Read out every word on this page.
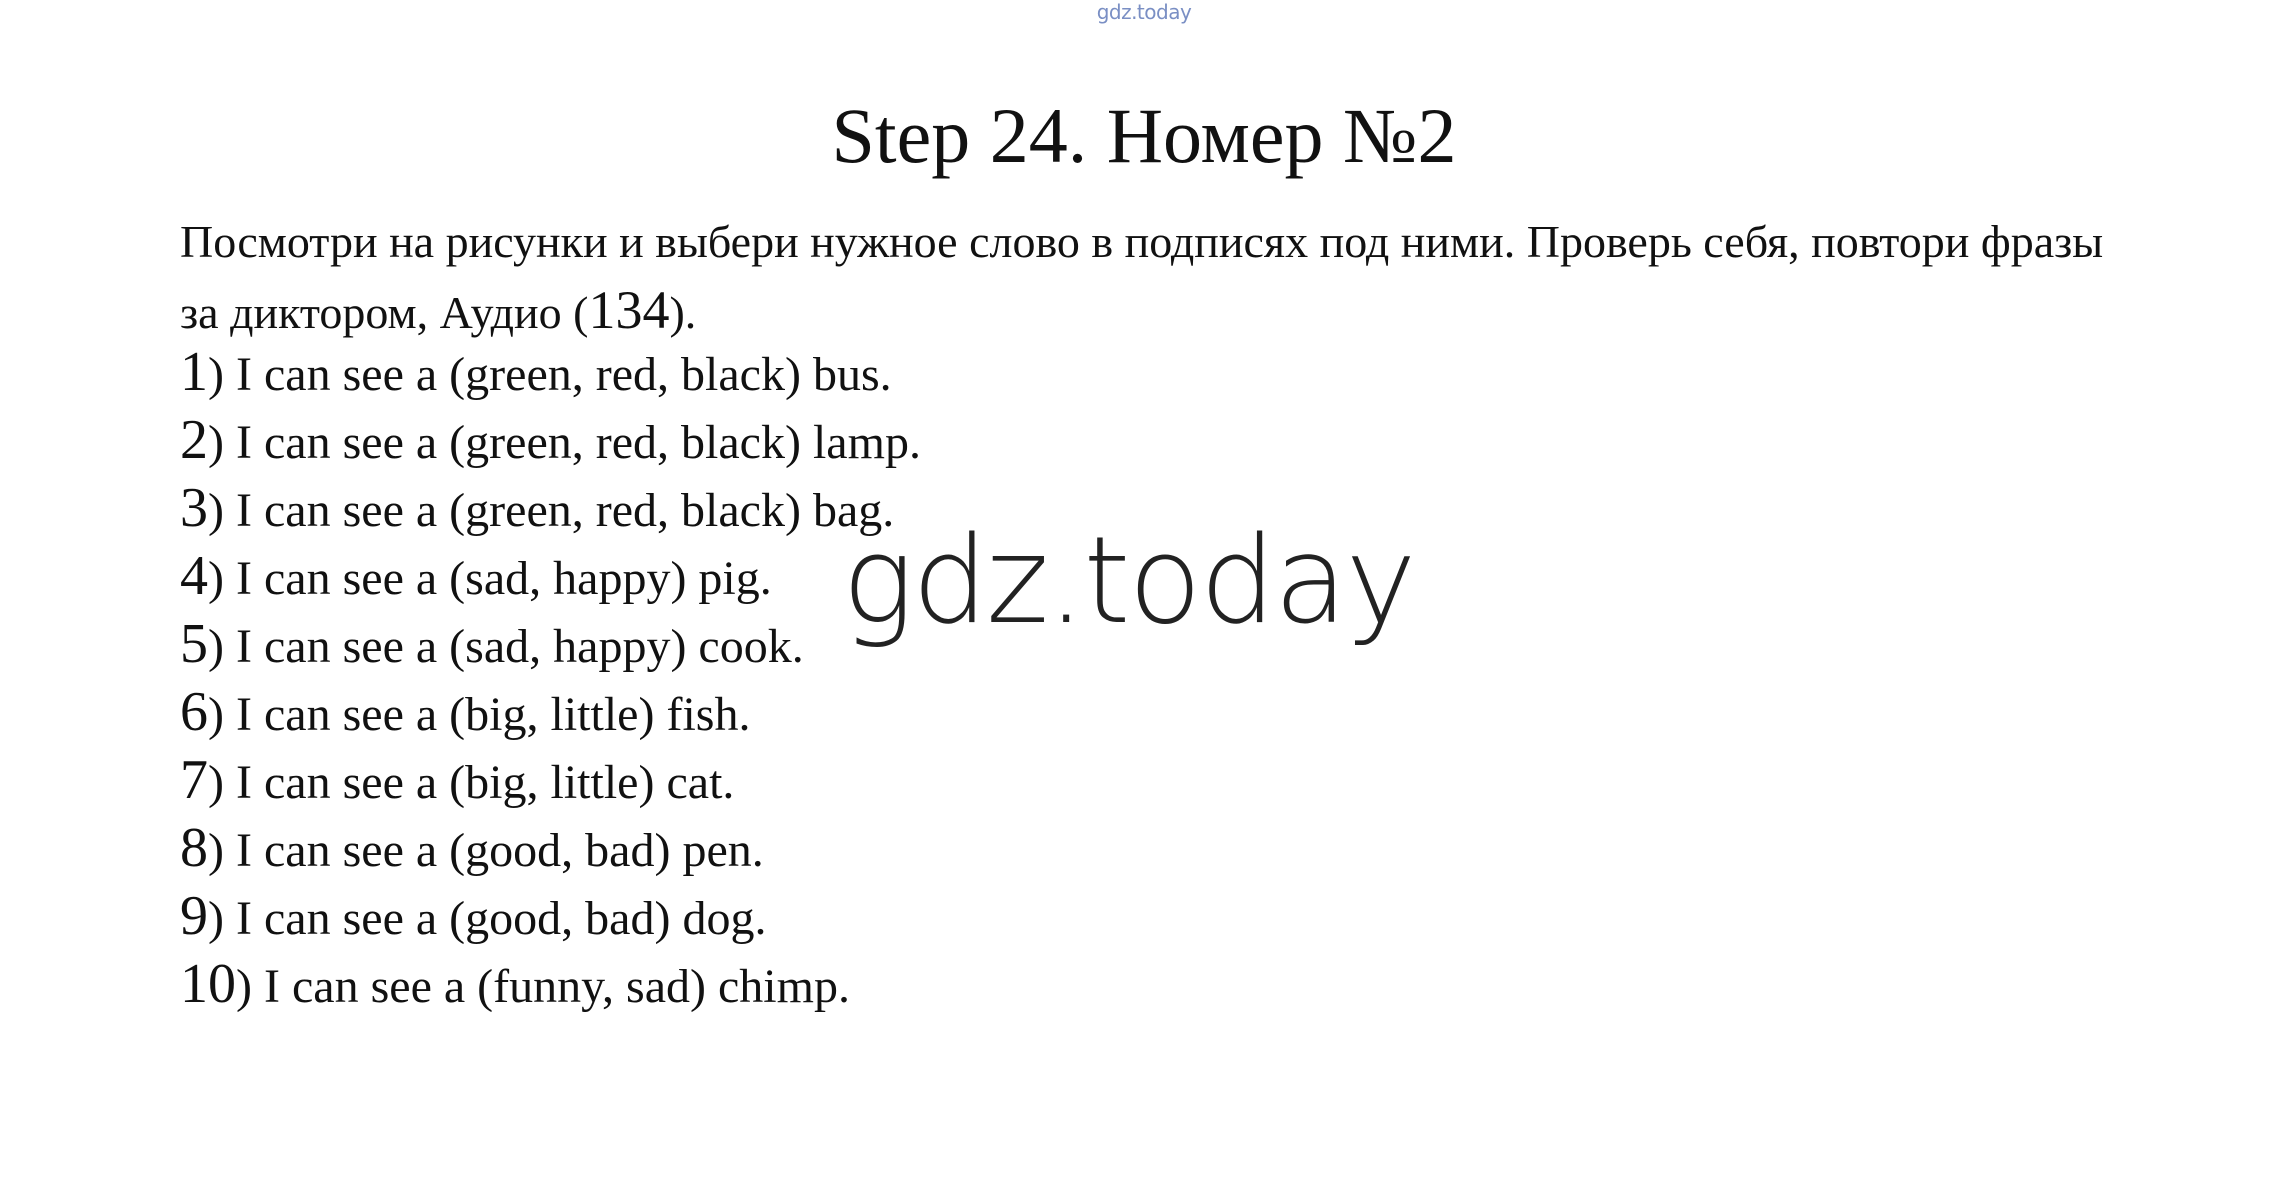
gdz.today
Step 24. Номер №2
Посмотри на рисунки и выбери нужное слово в подписях под ними. Проверь себя, повтори фразы за диктором, Аудио (134).
1) I can see a (green, red, black) bus.
2) I can see a (green, red, black) lamp.
3) I can see a (green, red, black) bag.
4) I can see a (sad, happy) pig.
5) I can see a (sad, happy) cook.
6) I can see a (big, little) fish.
7) I can see a (big, little) cat.
8) I can see a (good, bad) pen.
9) I can see a (good, bad) dog.
10) I can see a (funny, sad) chimp.
gdz.today
